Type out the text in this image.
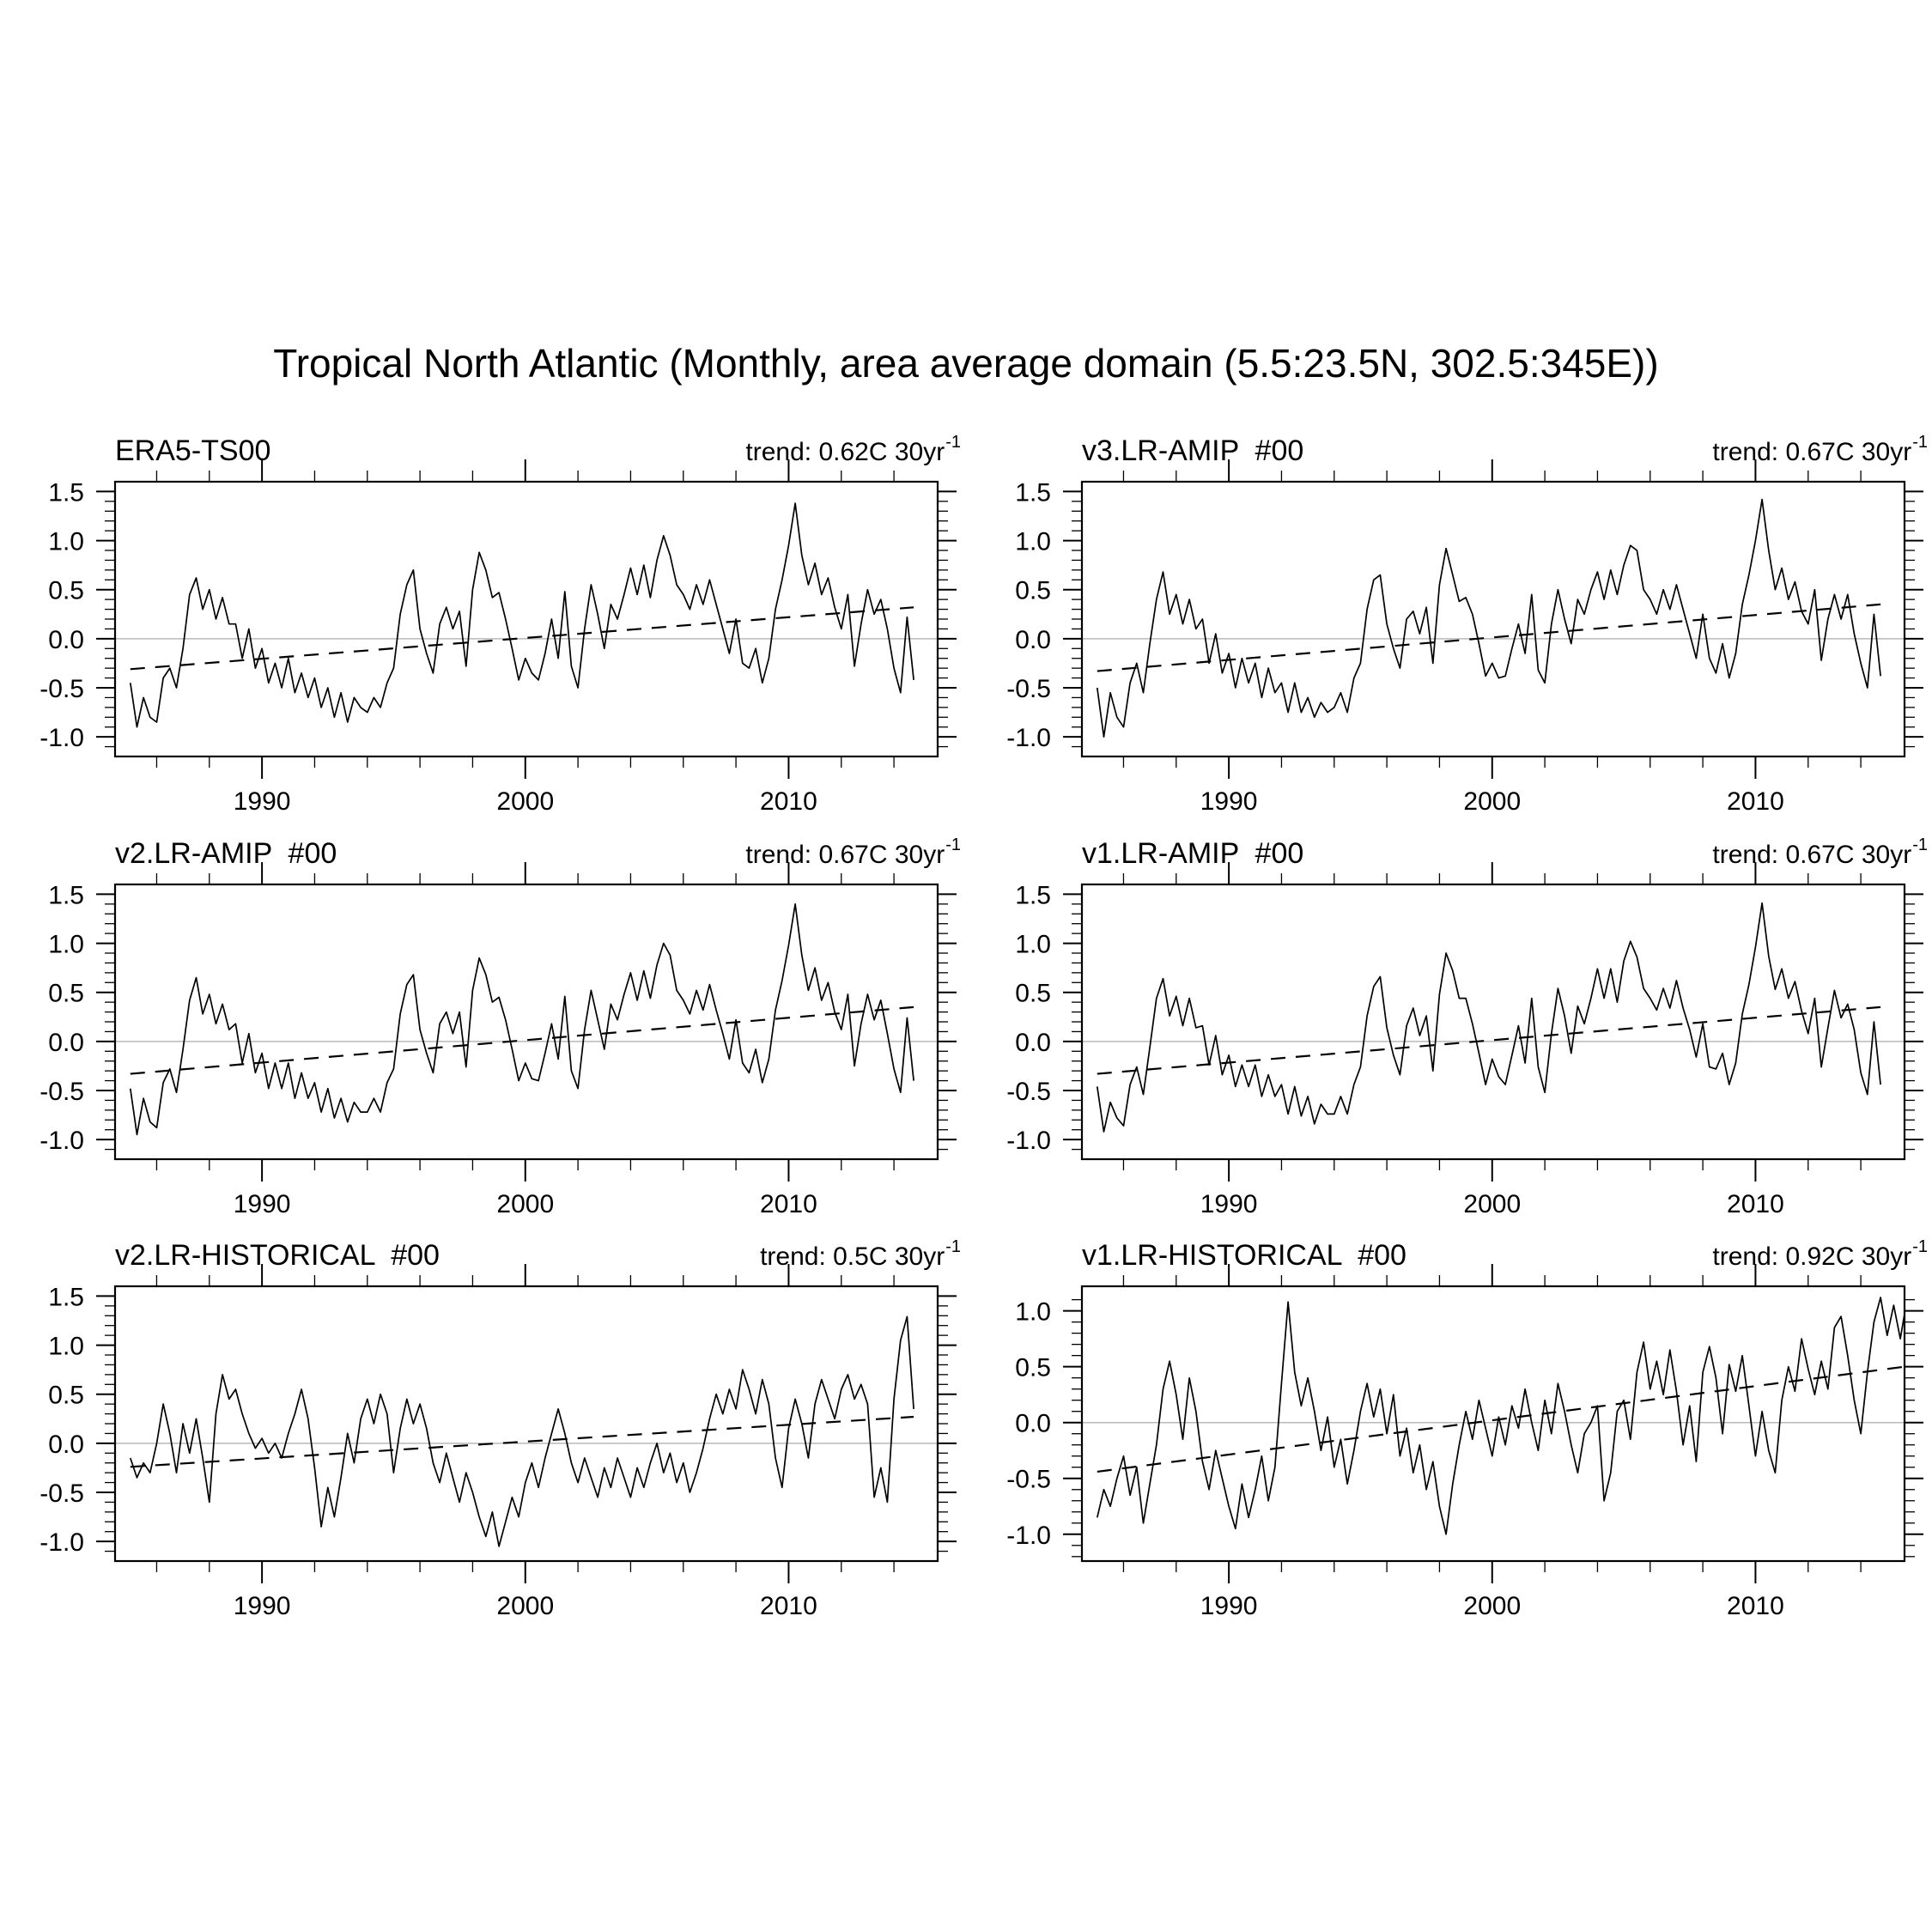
Tropical North Atlantic (Monthly, area average domain (5.5:23.5N, 302.5:345E))
ERA5-TS00	trend: 0.62C $30yr^{-1}$	v3.LR-AMIP  #00	trend: 0.67C $30yr^{-1}$
v2.LR-AMIP  #00	trend: 0.67C $30yr^{-1}$	v1.LR-AMIP  #00	trend: 0.67C $30yr^{-1}$
v2.LR-HISTORICAL  #00	trend: 0.5C $30yr^{-1}$	v1.LR-HISTORICAL  #00	trend: 0.92C $30yr^{-1}$
-1.0
-0.5
0.0
0.5
1.0
1.5
1990	2000	2010
-1.0
-0.5
0.0
0.5
1.0
1.5
1990	2000	2010
-1.0
-0.5
0.0
0.5
1.0
1.5
1990	2000	2010
-1.0
-0.5
0.0
0.5
1.0
1.5
1990	2000	2010
-1.0
-0.5
0.0
0.5
1.0
1.5
1990	2000	2010
-1.0
-0.5
0.0
0.5
1.0
1990	2000	2010
